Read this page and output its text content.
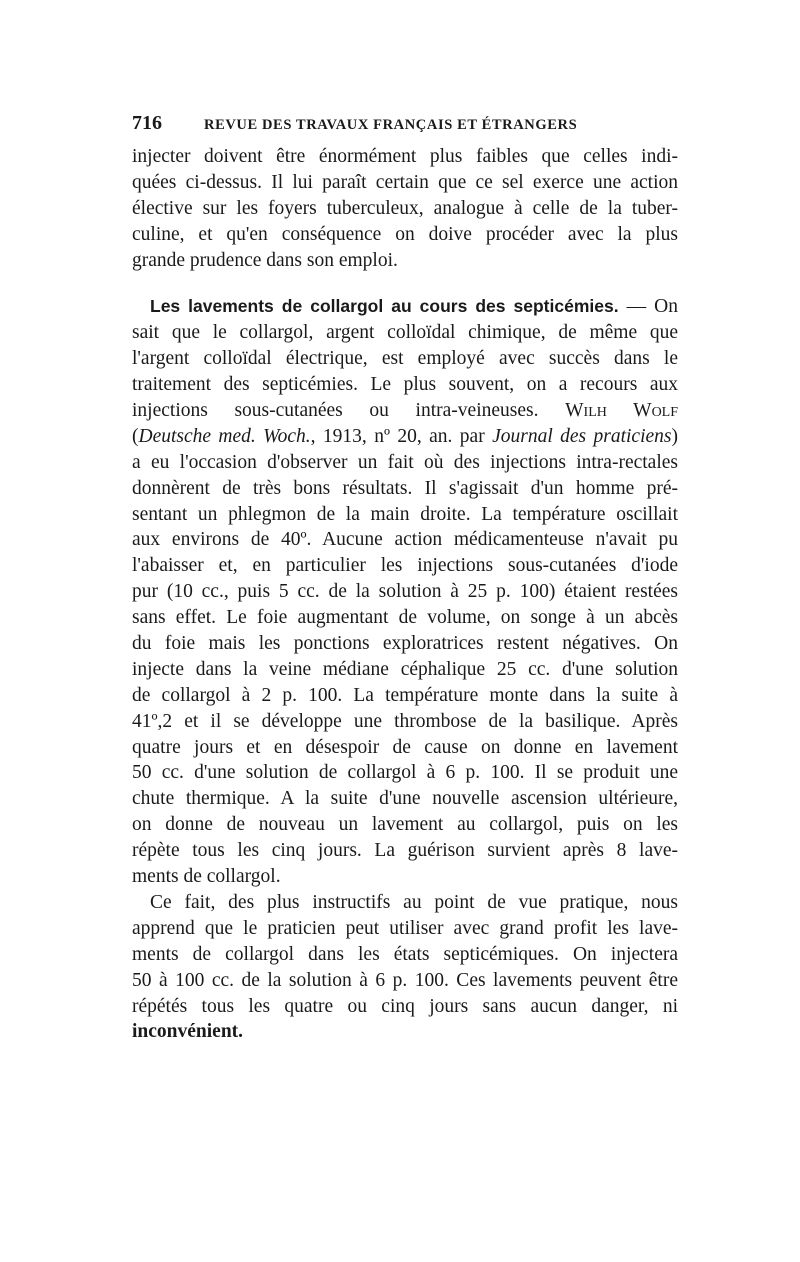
716	REVUE DES TRAVAUX FRANÇAIS ET ÉTRANGERS
injecter doivent être énormément plus faibles que celles indi-
quées ci-dessus. Il lui paraît certain que ce sel exerce une action
élective sur les foyers tuberculeux, analogue à celle de la tuber-
culine, et qu'en conséquence on doive procéder avec la plus
grande prudence dans son emploi.
Les lavements de collargol au cours des septicémies. — On
sait que le collargol, argent colloïdal chimique, de même que
l'argent colloïdal électrique, est employé avec succès dans le
traitement des septicémies. Le plus souvent, on a recours aux
injections sous-cutanées ou intra-veineuses. Wilh Wolf
(Deutsche med. Woch., 1913, nº 20, an. par Journal des praticiens)
a eu l'occasion d'observer un fait où des injections intra-rectales
donnèrent de très bons résultats. Il s'agissait d'un homme pré-
sentant un phlegmon de la main droite. La température oscillait
aux environs de 40º. Aucune action médicamenteuse n'avait pu
l'abaisser et, en particulier les injections sous-cutanées d'iode
pur (10 cc., puis 5 cc. de la solution à 25 p. 100) étaient restées
sans effet. Le foie augmentant de volume, on songe à un abcès
du foie mais les ponctions exploratrices restent négatives. On
injecte dans la veine médiane céphalique 25 cc. d'une solution
de collargol à 2 p. 100. La température monte dans la suite à
41º,2 et il se développe une thrombose de la basilique. Après
quatre jours et en désespoir de cause on donne en lavement
50 cc. d'une solution de collargol à 6 p. 100. Il se produit une
chute thermique. A la suite d'une nouvelle ascension ultérieure,
on donne de nouveau un lavement au collargol, puis on les
répète tous les cinq jours. La guérison survient après 8 lave-
ments de collargol.
Ce fait, des plus instructifs au point de vue pratique, nous
apprend que le praticien peut utiliser avec grand profit les lave-
ments de collargol dans les états septicémiques. On injectera
50 à 100 cc. de la solution à 6 p. 100. Ces lavements peuvent être
répétés tous les quatre ou cinq jours sans aucun danger, ni
inconvénient.
